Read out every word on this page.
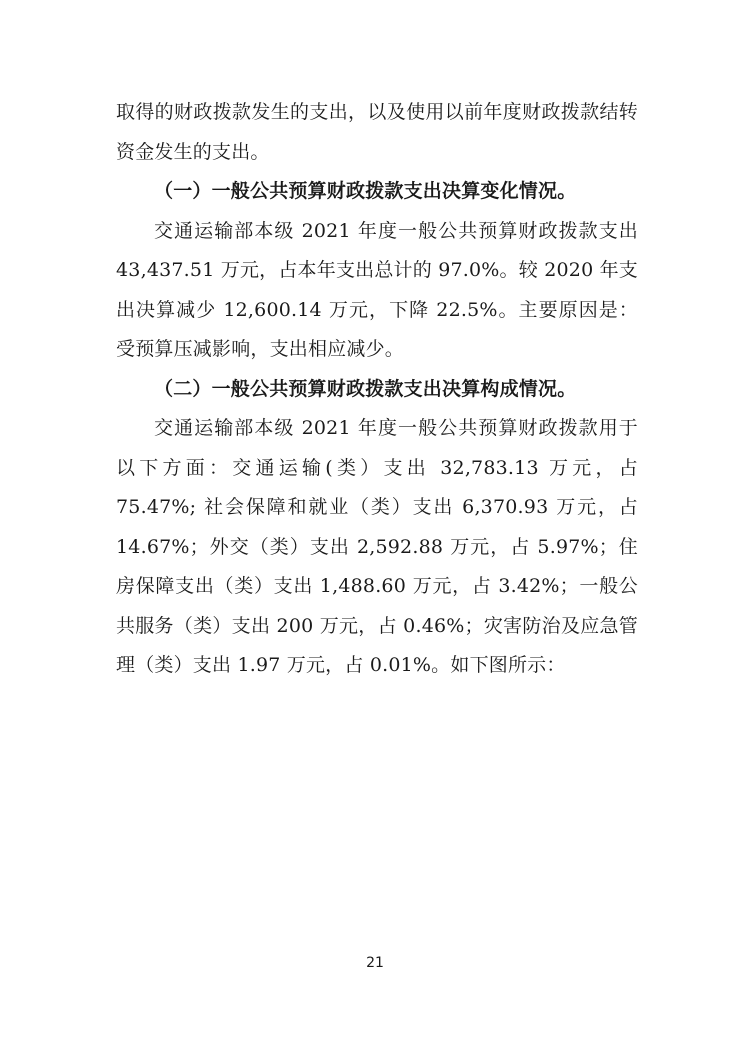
取得的财政拨款发生的支出，以及使用以前年度财政拨款结转资金发生的支出。

（一）一般公共预算财政拨款支出决算变化情况。

交通运输部本级 2021 年度一般公共预算财政拨款支出 43,437.51 万元，占本年支出总计的 97.0%。较 2020 年支出决算减少 12,600.14 万元，下降 22.5%。主要原因是：受预算压减影响，支出相应减少。

（二）一般公共预算财政拨款支出决算构成情况。

交通运输部本级 2021 年度一般公共预算财政拨款用于以下方面：交通运输(类）支出 32,783.13 万元，占 75.47%; 社会保障和就业（类）支出 6,370.93 万元，占 14.67%；外交（类）支出 2,592.88 万元，占 5.97%；住房保障支出（类）支出 1,488.60 万元，占 3.42%；一般公共服务（类）支出 200 万元，占 0.46%；灾害防治及应急管理（类）支出 1.97 万元，占 0.01%。如下图所示：

21
